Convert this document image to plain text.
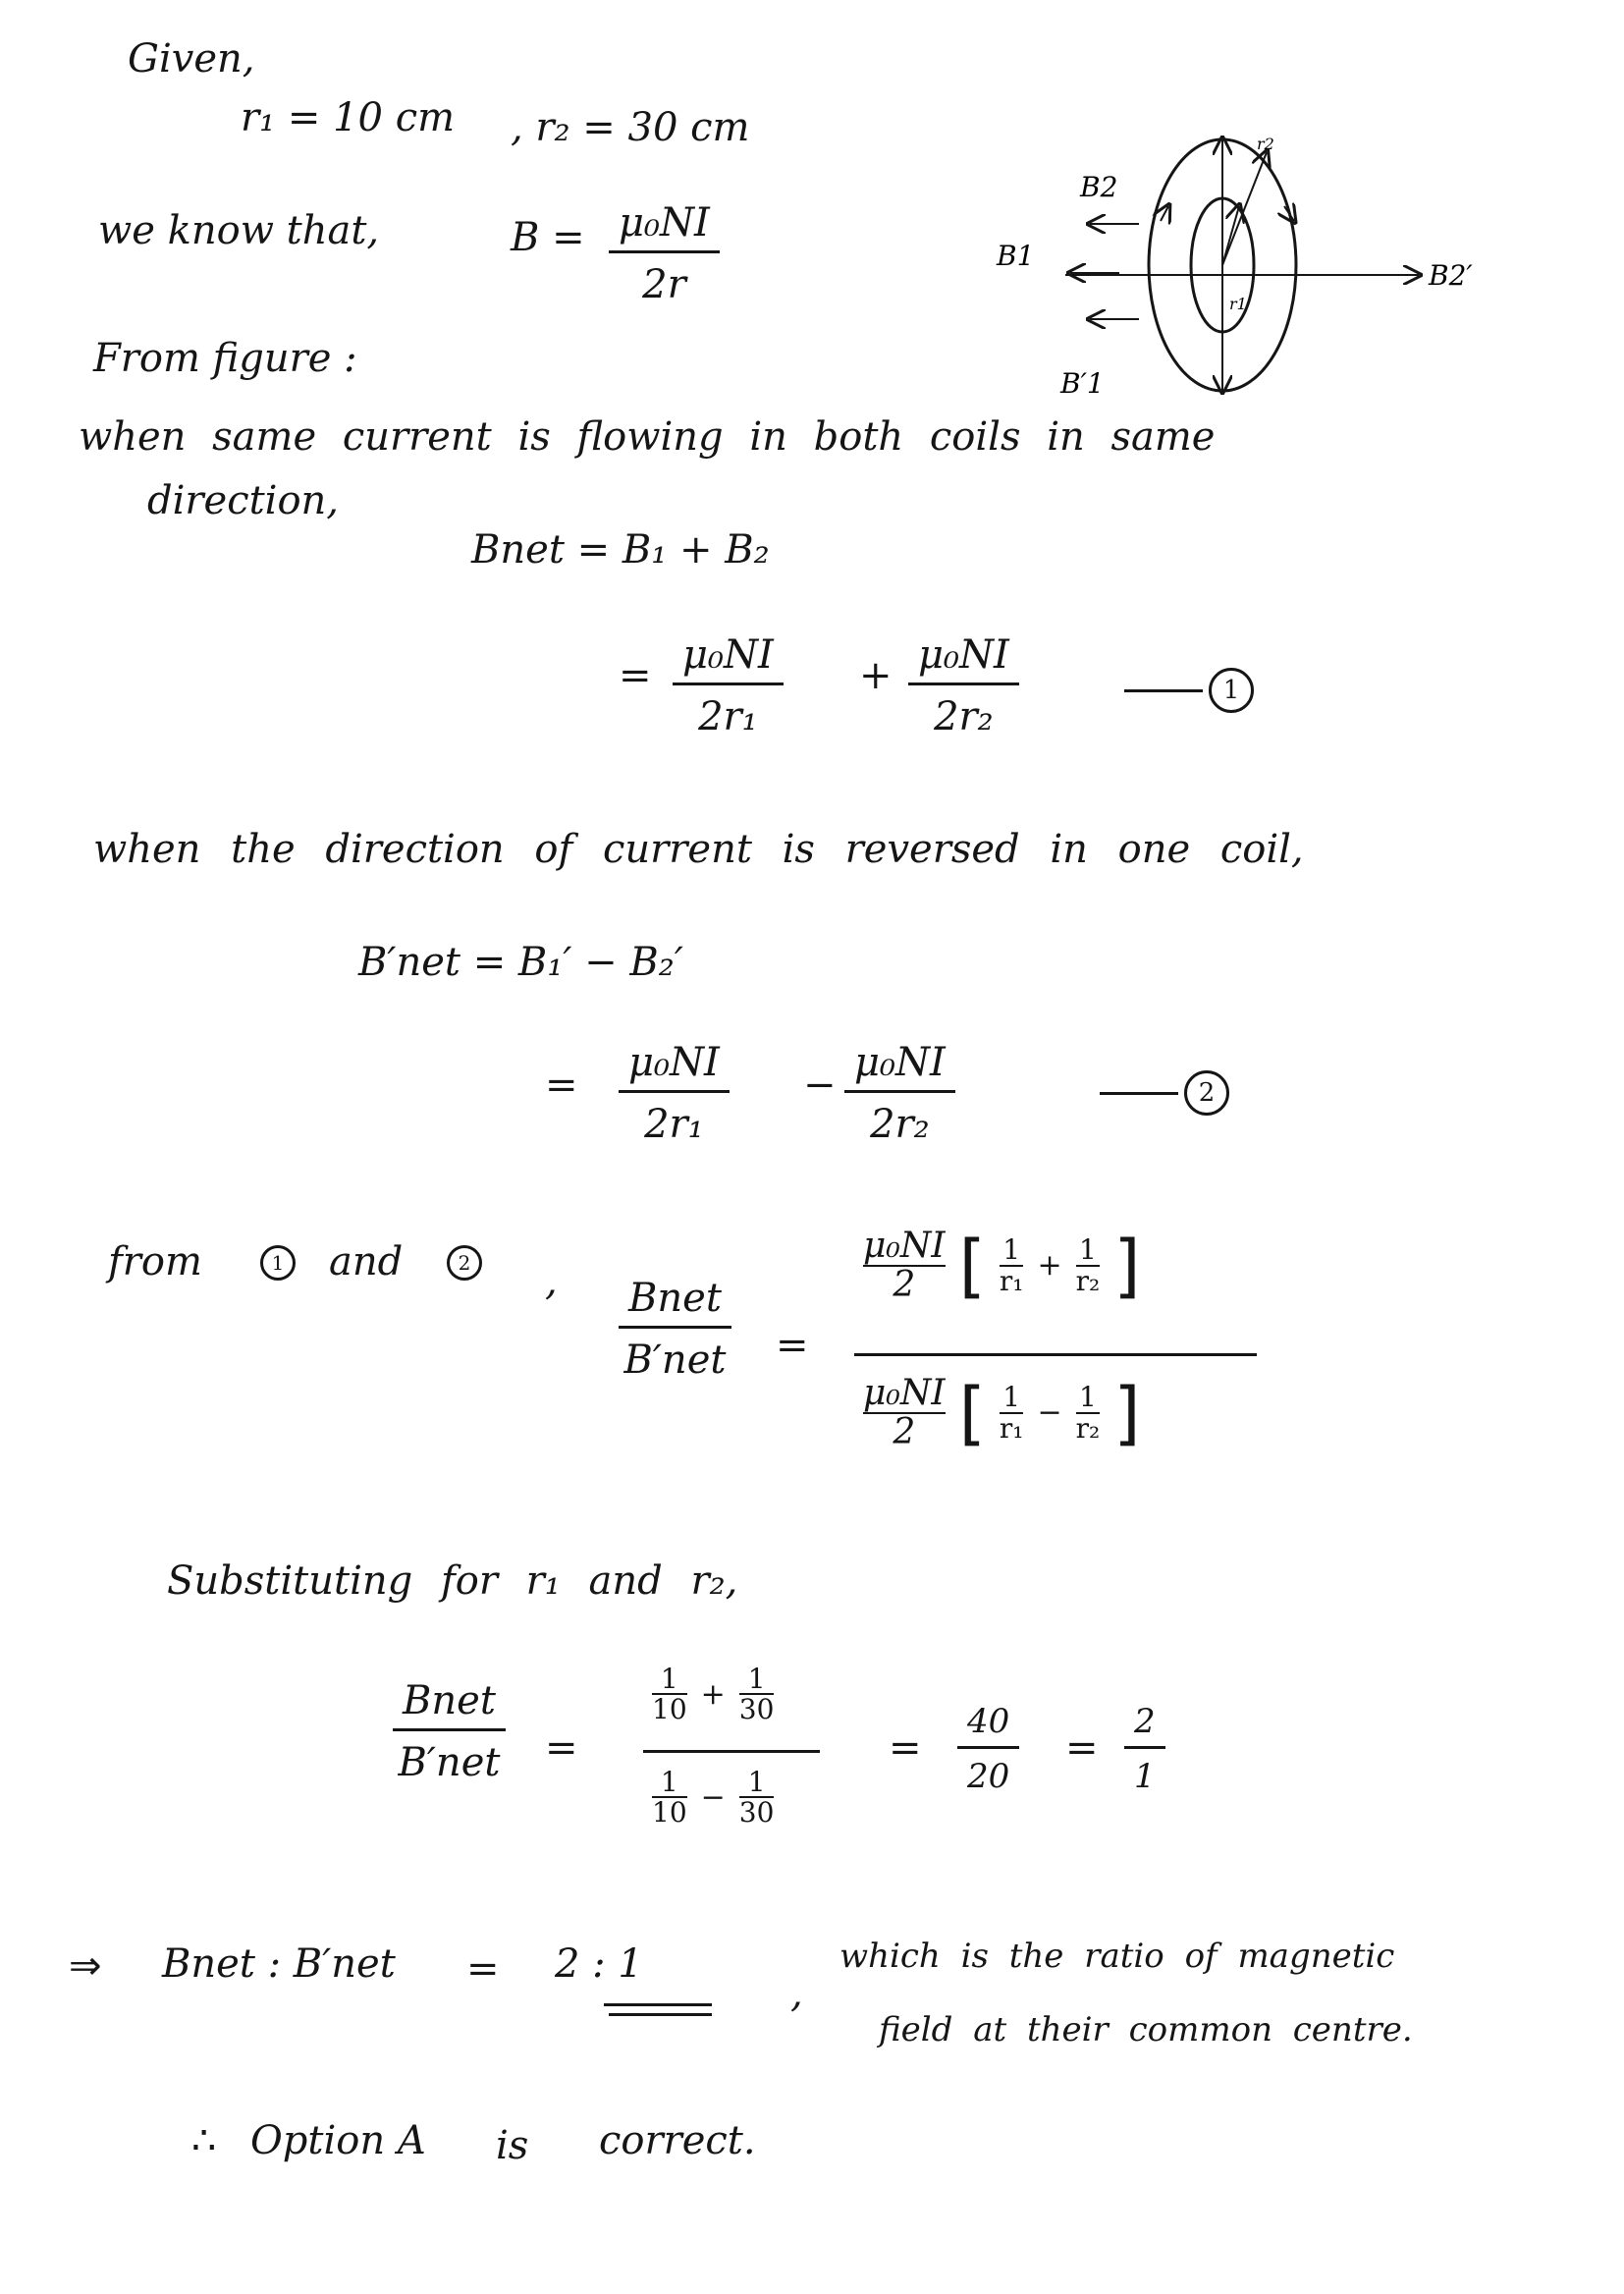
Given,
r₁ = 10 cm , r₂ = 30 cm
we know that,	B = μ₀NI
2r
B2
B1
B2′
B′1
r2
r1
From figure :
when same current is flowing in both coils in same
direction,
Bnet = B₁ + B₂
= μ₀NI
2r₁
+ μ₀NI
2r₂
1
when the direction of current is reversed in one coil,
B′net = B₁′ − B₂′
= μ₀NI
2r₁
− μ₀NI
2r₂
2
from	1 and	2 , Bnet
B′net =
$\frac{\text{μ₀NI}}{2}$ [ $\frac{1}{\text{r₁}} + \frac{1}{\text{r₂}}$ ]
$\frac{\text{μ₀NI}}{2}$ [ $\frac{1}{\text{r₁}} - \frac{1}{\text{r₂}}$ ]
Substituting for r₁ and r₂,
Bnet
B′net =
$\frac{1}{10} + \frac{1}{30}$
$\frac{1}{10} - \frac{1}{30}$
=
40
20
=
2
1
⇒ Bnet : B′net = 2 : 1
,
which is the ratio of magnetic
field at their common centre.
∴ Option A is correct.
